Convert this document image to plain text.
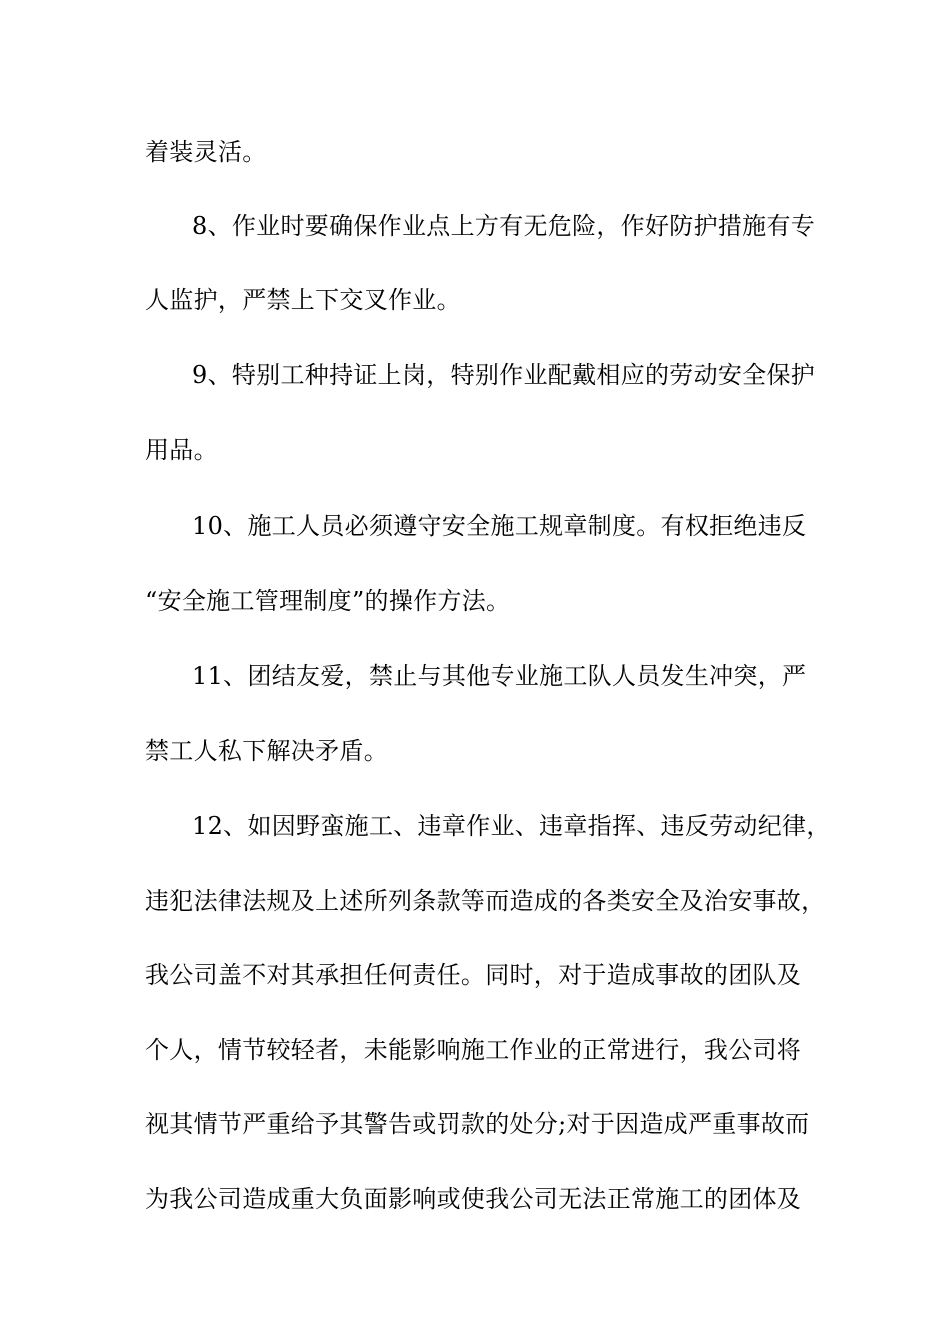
着装灵活。
8、作业时要确保作业点上方有无危险，作好防护措施有专
人监护，严禁上下交叉作业。
9、特别工种持证上岗，特别作业配戴相应的劳动安全保护
用品。
10、施工人员必须遵守安全施工规章制度。有权拒绝违反
“安全施工管理制度”的操作方法。
11、团结友爱，禁止与其他专业施工队人员发生冲突，严
禁工人私下解决矛盾。
12、如因野蛮施工、违章作业、违章指挥、违反劳动纪律，
违犯法律法规及上述所列条款等而造成的各类安全及治安事故，
我公司盖不对其承担任何责任。同时，对于造成事故的团队及
个人，情节较轻者，未能影响施工作业的正常进行，我公司将
视其情节严重给予其警告或罚款的处分;对于因造成严重事故而
为我公司造成重大负面影响或使我公司无法正常施工的团体及
